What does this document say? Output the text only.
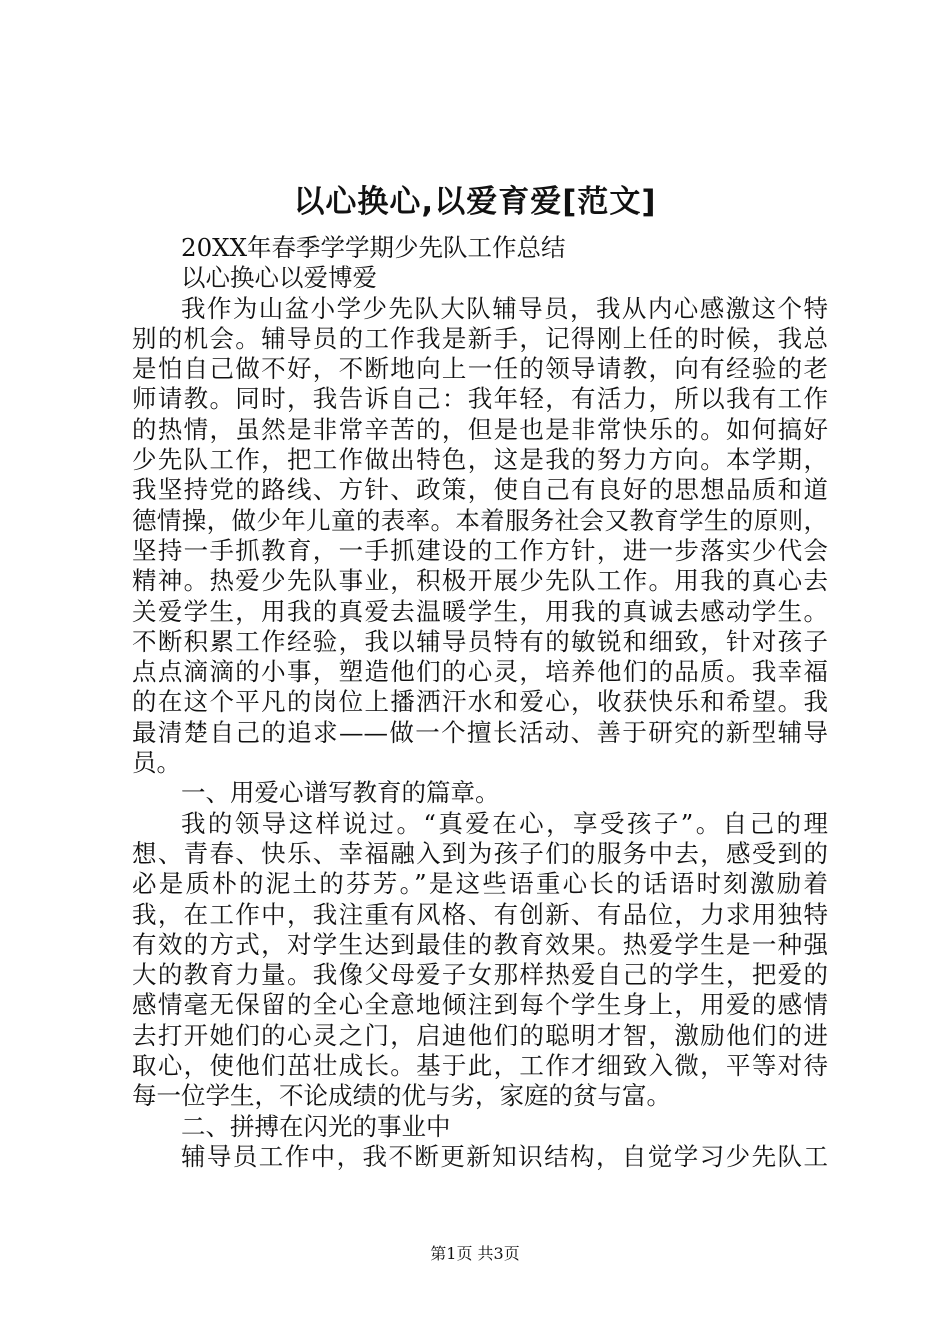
以心换心,以爱育爱[范文]
20XX年春季学学期少先队工作总结
以心换心以爱博爱
我作为山盆小学少先队大队辅导员，我从内心感激这个特
别的机会。辅导员的工作我是新手，记得刚上任的时候，我总
是怕自己做不好，不断地向上一任的领导请教，向有经验的老
师请教。同时，我告诉自己：我年轻，有活力，所以我有工作
的热情，虽然是非常辛苦的，但是也是非常快乐的。如何搞好
少先队工作，把工作做出特色，这是我的努力方向。本学期，
我坚持党的路线、方针、政策，使自己有良好的思想品质和道
德情操，做少年儿童的表率。本着服务社会又教育学生的原则，
坚持一手抓教育，一手抓建设的工作方针，进一步落实少代会
精神。热爱少先队事业，积极开展少先队工作。用我的真心去
关爱学生，用我的真爱去温暖学生，用我的真诚去感动学生。
不断积累工作经验，我以辅导员特有的敏锐和细致，针对孩子
点点滴滴的小事，塑造他们的心灵，培养他们的品质。我幸福
的在这个平凡的岗位上播洒汗水和爱心，收获快乐和希望。我
最清楚自己的追求——做一个擅长活动、善于研究的新型辅导
员。
一、用爱心谱写教育的篇章。
我的领导这样说过。“真爱在心，享受孩子”。自己的理
想、青春、快乐、幸福融入到为孩子们的服务中去，感受到的
必是质朴的泥土的芬芳。”是这些语重心长的话语时刻激励着
我，在工作中，我注重有风格、有创新、有品位，力求用独特
有效的方式，对学生达到最佳的教育效果。热爱学生是一种强
大的教育力量。我像父母爱子女那样热爱自己的学生，把爱的
感情毫无保留的全心全意地倾注到每个学生身上，用爱的感情
去打开她们的心灵之门，启迪他们的聪明才智，激励他们的进
取心，使他们茁壮成长。基于此，工作才细致入微，平等对待
每一位学生，不论成绩的优与劣，家庭的贫与富。
二、拼搏在闪光的事业中
辅导员工作中，我不断更新知识结构，自觉学习少先队工
第1页 共3页
